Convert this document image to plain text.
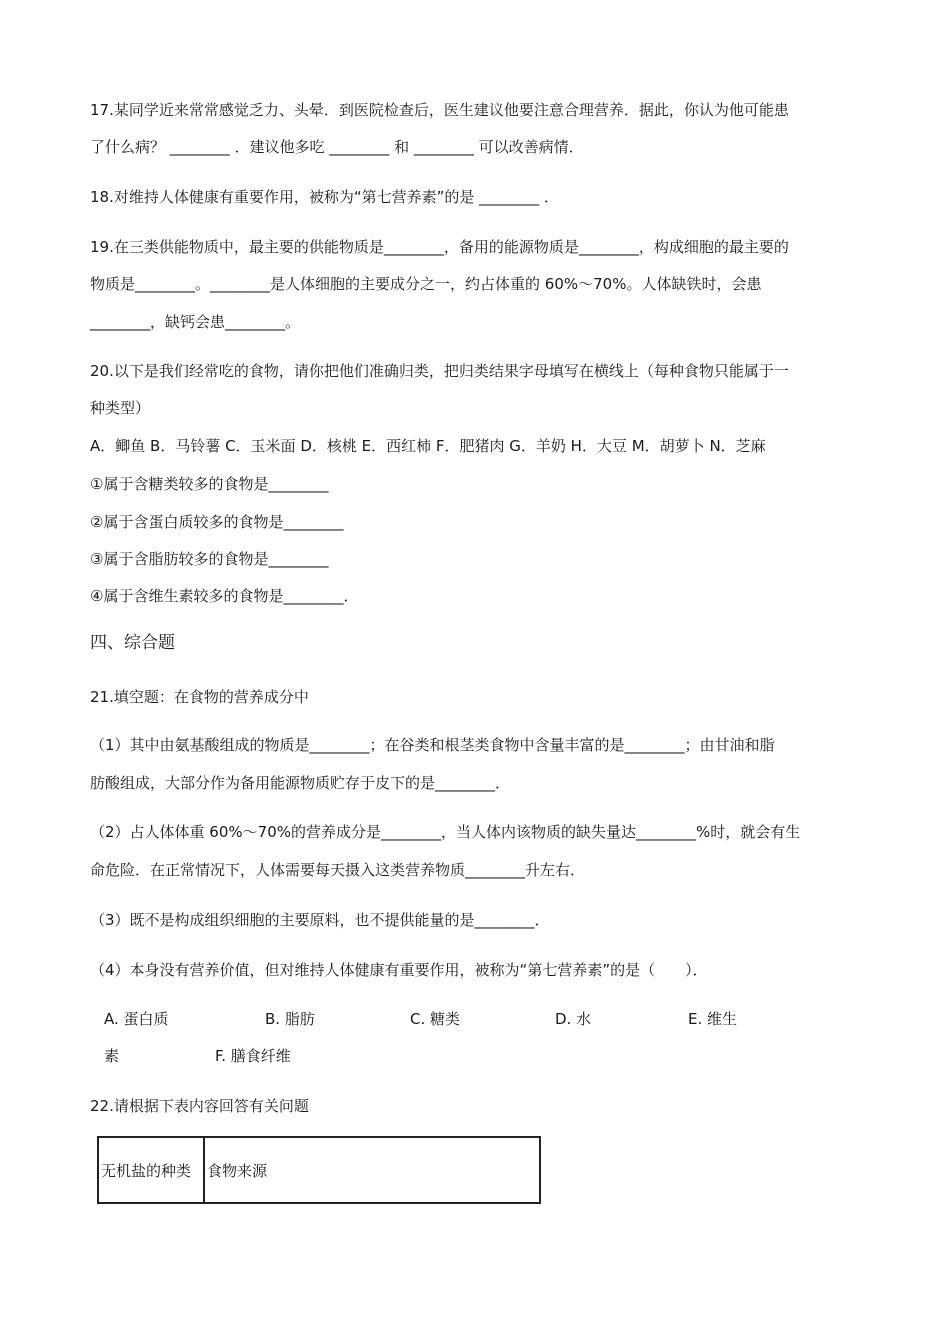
17.某同学近来常常感觉乏力、头晕．到医院检查后，医生建议他要注意合理营养．据此，你认为他可能患
了什么病？ ________ ．建议他多吃 ________ 和 ________ 可以改善病情．
18.对维持人体健康有重要作用，被称为“第七营养素”的是 ________ ．
19.在三类供能物质中，最主要的供能物质是________，备用的能源物质是________，构成细胞的最主要的
物质是________。________是人体细胞的主要成分之一，约占体重的 60%～70%。人体缺铁时，会患
________，缺钙会患________。
20.以下是我们经常吃的食物，请你把他们准确归类，把归类结果字母填写在横线上（每种食物只能属于一
种类型）
A．鲫鱼 B．马铃薯 C．玉米面 D．核桃 E．西红柿 F．肥猪肉 G．羊奶 H．大豆 M．胡萝卜 N．芝麻
①属于含糖类较多的食物是________
②属于含蛋白质较多的食物是________
③属于含脂肪较多的食物是________
④属于含维生素较多的食物是________．
四、综合题
21.填空题：在食物的营养成分中
（1）其中由氨基酸组成的物质是________；在谷类和根茎类食物中含量丰富的是________；由甘油和脂
肪酸组成，大部分作为备用能源物质贮存于皮下的是________．
（2）占人体体重 60%～70%的营养成分是________，当人体内该物质的缺失量达________%时，就会有生
命危险．在正常情况下，人体需要每天摄入这类营养物质________升左右．
（3）既不是构成组织细胞的主要原料，也不提供能量的是________．
（4）本身没有营养价值，但对维持人体健康有重要作用，被称为“第七营养素”的是（　　）．
A. 蛋白质	B. 脂肪	C. 糖类	D. 水	E. 维生
素	F. 膳食纤维
22.请根据下表内容回答有关问题
无机盐的种类	食物来源
